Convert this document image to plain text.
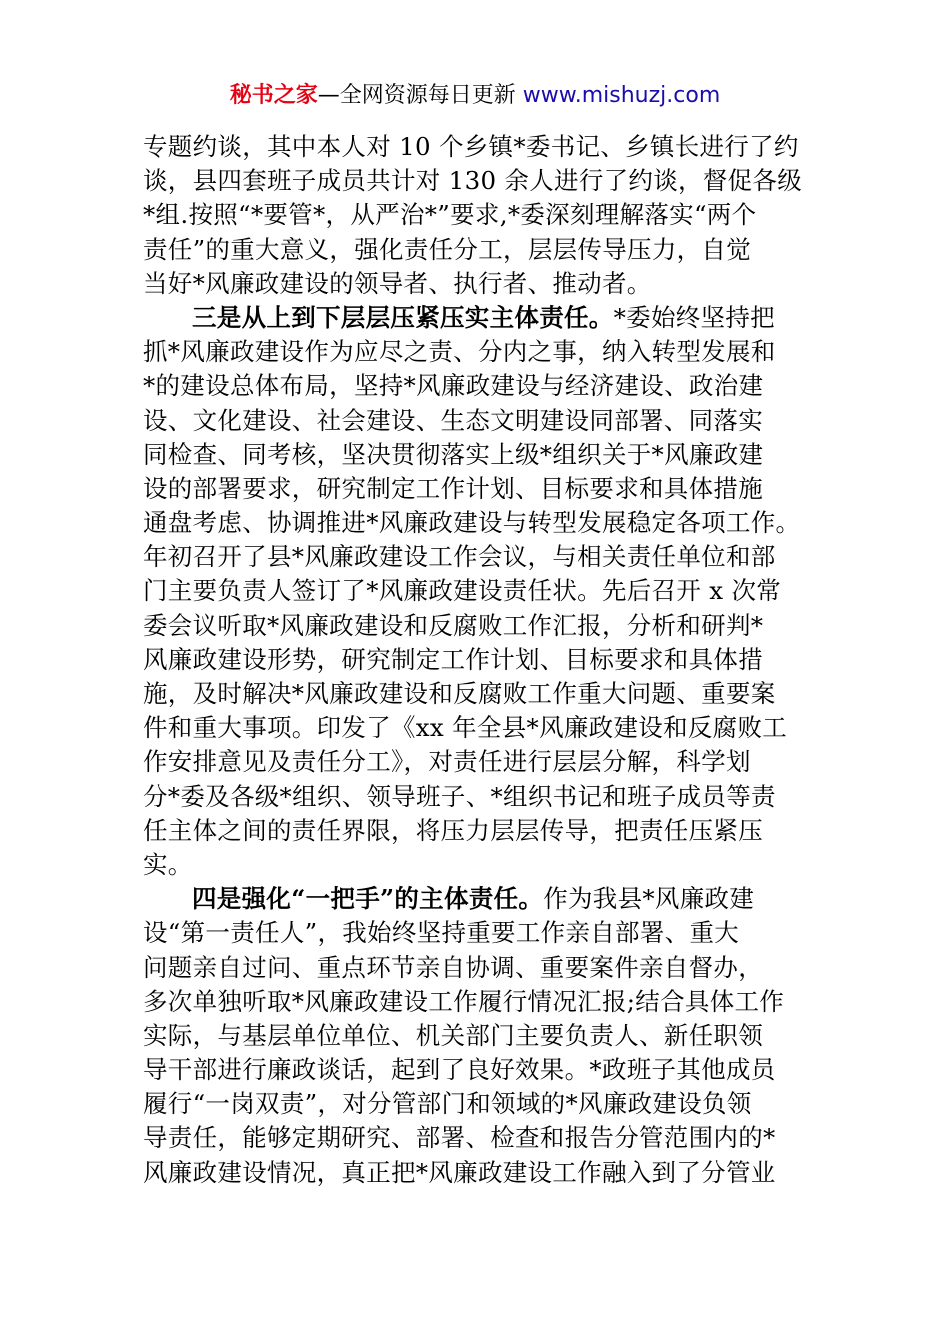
秘书之家—全网资源每日更新 www.mishuzj.com
专题约谈，其中本人对 10 个乡镇*委书记、乡镇长进行了约
谈，县四套班子成员共计对 130 余人进行了约谈，督促各级
*组.按照“*要管*，从严治*”要求,*委深刻理解落实“两个
责任”的重大意义，强化责任分工，层层传导压力，自觉
当好*风廉政建设的领导者、执行者、推动者。
三是从上到下层层压紧压实主体责任。*委始终坚持把
抓*风廉政建设作为应尽之责、分内之事，纳入转型发展和
*的建设总体布局，坚持*风廉政建设与经济建设、政治建
设、文化建设、社会建设、生态文明建设同部署、同落实
同检查、同考核，坚决贯彻落实上级*组织关于*风廉政建
设的部署要求，研究制定工作计划、目标要求和具体措施
通盘考虑、协调推进*风廉政建设与转型发展稳定各项工作。
年初召开了县*风廉政建设工作会议，与相关责任单位和部
门主要负责人签订了*风廉政建设责任状。先后召开 x 次常
委会议听取*风廉政建设和反腐败工作汇报，分析和研判*
风廉政建设形势，研究制定工作计划、目标要求和具体措
施，及时解决*风廉政建设和反腐败工作重大问题、重要案
件和重大事项。印发了《xx 年全县*风廉政建设和反腐败工
作安排意见及责任分工》，对责任进行层层分解，科学划
分*委及各级*组织、领导班子、*组织书记和班子成员等责
任主体之间的责任界限，将压力层层传导，把责任压紧压
实。
四是强化“一把手”的主体责任。作为我县*风廉政建
设“第一责任人”，我始终坚持重要工作亲自部署、重大
问题亲自过问、重点环节亲自协调、重要案件亲自督办，
多次单独听取*风廉政建设工作履行情况汇报;结合具体工作
实际，与基层单位单位、机关部门主要负责人、新任职领
导干部进行廉政谈话，起到了良好效果。*政班子其他成员
履行“一岗双责”，对分管部门和领域的*风廉政建设负领
导责任，能够定期研究、部署、检查和报告分管范围内的*
风廉政建设情况，真正把*风廉政建设工作融入到了分管业
